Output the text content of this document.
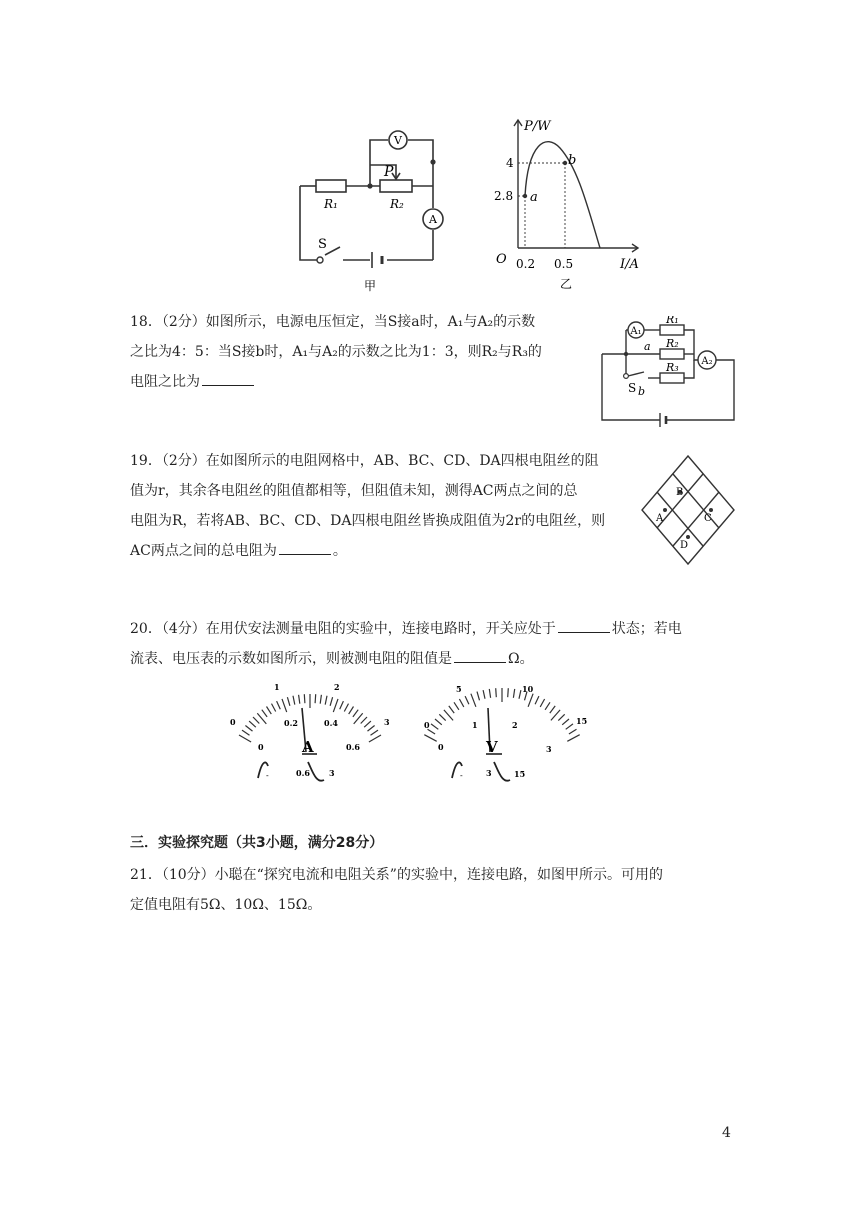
V
A
P
R₁	R₂
S
甲
P/W
I/A
O
4
2.8
0.2 0.5
a
b
乙

18．（2分）如图所示，电源电压恒定，当S接a时，A₁与A₂的示数

之比为4：5：当S接b时，A₁与A₂的示数之比为1：3，则R₂与R₃的

电阻之比为

A₁
A₂
R₁
R₂
R₃
a
S b

19．（2分）在如图所示的电阻网格中，AB、BC、CD、DA四根电阻丝的阻

值为r，其余各电阻丝的阻值都相等，但阻值未知，测得AC两点之间的总

电阻为R，若将AB、BC、CD、DA四根电阻丝皆换成阻值为2r的电阻丝，则

AC两点之间的总电阻为	。

B
A	C
D

20．（4分）在用伏安法测量电阻的实验中，连接电路时，开关应处于	状态；若电

流表、电压表的示数如图所示，则被测电阻的阻值是	Ω。

0
1	2
3
0
0.2	0.4
0.6
A
-	0.6 3
0
5	10
15
0
1	2
3
V
-	3	15
三．实验探究题（共3小题，满分28分）

21．（10分）小聪在“探究电流和电阻关系”的实验中，连接电路，如图甲所示。可用的

定值电阻有5Ω、10Ω、15Ω。

4
